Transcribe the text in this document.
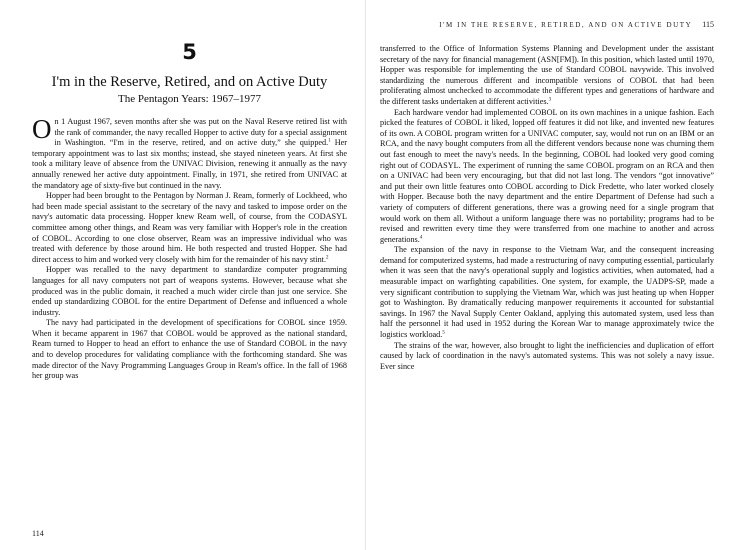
5
I'm in the Reserve, Retired, and on Active Duty
The Pentagon Years: 1967–1977

On 1 August 1967, seven months after she was put on the Naval Reserve retired list with the rank of commander, the navy recalled Hopper to active duty for a special assignment in Washington. “I'm in the reserve, retired, and on active duty,” she quipped.$^1$ Her temporary appointment was to last six months; instead, she stayed nineteen years. At first she took a military leave of absence from the UNIVAC Division, renewing it annually as the navy annually renewed her active duty appointment. Finally, in 1971, she retired from UNIVAC at the mandatory age of sixty-five but continued in the navy.

Hopper had been brought to the Pentagon by Norman J. Ream, formerly of Lockheed, who had been made special assistant to the secretary of the navy and tasked to impose order on the navy's automatic data processing. Hopper knew Ream well, of course, from the CODASYL committee among other things, and Ream was very familiar with Hopper's role in the creation of COBOL. According to one close observer, Ream was an impressive individual who was treated with deference by those around him. He both respected and trusted Hopper. She had direct access to him and worked very closely with him for the remainder of his navy stint.$^2$

Hopper was recalled to the navy department to standardize computer programming languages for all navy computers not part of weapons systems. However, because what she produced was in the public domain, it reached a much wider circle than just one service. She ended up standardizing COBOL for the entire Department of Defense and influenced a whole industry.

The navy had participated in the development of specifications for COBOL since 1959. When it became apparent in 1967 that COBOL would be approved as the national standard, Ream turned to Hopper to head an effort to enhance the use of Standard COBOL in the navy and to develop procedures for validating compliance with the forthcoming standard. She was made director of the Navy Programming Languages Group in Ream's office. In the fall of 1968 her group was

114
I'M IN THE RESERVE, RETIRED, AND ON ACTIVE DUTY 115

transferred to the Office of Information Systems Planning and Development under the assistant secretary of the navy for financial management (ASN[FM]). In this position, which lasted until 1970, Hopper was responsible for implementing the use of Standard COBOL navywide. This involved standardizing the numerous different and incompatible versions of COBOL that had been proliferating almost unchecked to accommodate the different types and generations of hardware and the different tasks undertaken at different activities.$^3$

Each hardware vendor had implemented COBOL on its own machines in a unique fashion. Each picked the features of COBOL it liked, lopped off features it did not like, and invented new features of its own. A COBOL program written for a UNIVAC computer, say, would not run on an IBM or an RCA, and the navy bought computers from all the different vendors because none was churning them out fast enough to meet the navy's needs. In the beginning, COBOL had looked very good coming right out of CODASYL. The experiment of running the same COBOL program on an RCA and then on a UNIVAC had been very encouraging, but that did not last long. The vendors “got innovative” and put their own little features onto COBOL according to Dick Fredette, who later worked closely with Hopper. Because both the navy department and the entire Department of Defense had such a variety of computers of different generations, there was a growing need for a single program that would work on them all. Without a uniform language there was no portability; programs had to be revised and rewritten every time they were transferred from one machine to another and across generations.$^4$

The expansion of the navy in response to the Vietnam War, and the consequent increasing demand for computerized systems, had made a restructuring of navy computing essential, particularly when it was seen that the navy's operational supply and logistics activities, when automated, had a measurable impact on warfighting capabilities. One system, for example, the UADPS-SP, made a very significant contribution to supplying the Vietnam War, which was just heating up when Hopper got to Washington. By dramatically reducing manpower requirements it accounted for substantial savings. In 1967 the Naval Supply Center Oakland, applying this automated system, used less than half the personnel it had used in 1952 during the Korean War to manage approximately twice the logistics workload.$^5$

The strains of the war, however, also brought to light the inefficiencies and duplication of effort caused by lack of coordination in the navy's automated systems. This was not solely a navy issue. Ever since
